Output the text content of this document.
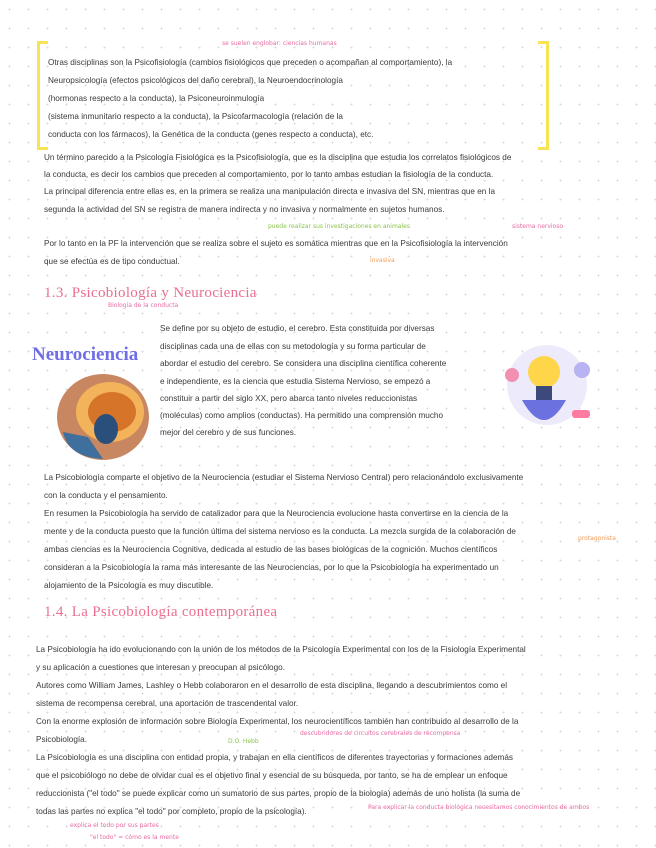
se suelen englobar: ciencias humanas
Otras disciplinas son la Psicofisiología (cambios fisiológicos que preceden o acompañan al comportamiento), la
Neuropsicología (efectos psicológicos del daño cerebral), la Neuroendocrinología
(hormonas respecto a la conducta), la Psiconeuroinmulogía
(sistema inmunitario respecto a la conducta), la Psicofarmacología (relación de la
conducta con los fármacos), la Genética de la conducta (genes respecto a conducta), etc.
Un término parecido a la Psicología Fisiológica es la Psicofisiología, que es la disciplina que estudia los correlatos fisiológicos de
la conducta, es decir los cambios que preceden al comportamiento, por lo tanto ambas estudian la fisiología de la conducta.
La principal diferencia entre ellas es, en la primera se realiza una manipulación directa e invasiva del SN, mientras que en la
segunda la actividad del SN se registra de manera indirecta y no invasiva y normalmente en sujetos humanos.
puede realizar sus investigaciones en animales	sistema nervioso
Por lo tanto en la PF la intervención que se realiza sobre el sujeto es somática mientras que en la Psicofisiología la intervención
que se efectúa es de tipo conductual.	invasiva
1.3. Psicobiología y Neurociencia
Biología de la conducta
Neurociencia
Se define por su objeto de estudio, el cerebro. Esta constituida por diversas
disciplinas cada una de ellas con su metodología y su forma particular de
abordar el estudio del cerebro. Se considera una disciplina científica coherente
e independiente, es la ciencia que estudia Sistema Nervioso, se empezó a
constituir a partir del siglo XX, pero abarca tanto niveles reduccionistas
(moléculas) como amplios (conductas). Ha permitido una comprensión mucho
mejor del cerebro y de sus funciones.
La Psicobiología comparte el objetivo de la Neurociencia (estudiar el Sistema Nervioso Central) pero relacionándolo exclusivamente
con la conducta y el pensamiento.
En resumen la Psicobiología ha servido de catalizador para que la Neurociencia evolucione hasta convertirse en la ciencia de la
mente y de la conducta puesto que la función última del sistema nervioso es la conducta. La mezcla surgida de la colaboración de
protagonista
ambas ciencias es la Neurociencia Cognitiva, dedicada al estudio de las bases biológicas de la cognición. Muchos científicos
consideran a la Psicobiología la rama más interesante de las Neurociencias, por lo que la Psicobiología ha experimentado un
alojamiento de la Psicología es muy discutible.
1.4. La Psicobiología contemporánea
La Psicobiología ha ido evolucionando con la unión de los métodos de la Psicología Experimental con los de la Fisiología Experimental
y su aplicación a cuestiones que interesan y preocupan al psicólogo.
Autores como William James, Lashley o Hebb colaboraron en el desarrollo de esta disciplina, llegando a descubrimientos como el
sistema de recompensa cerebral, una aportación de trascendental valor.
Con la enorme explosión de información sobre Biología Experimental, los neurocientíficos también han contribuido al desarrollo de la
Psicobiología.	D.O. Hebb
descubridores de circuitos cerebrales de recompensa
La Psicobiología es una disciplina con entidad propia, y trabajan en ella científicos de diferentes trayectorias y formaciones además
que el psicobiólogo no debe de olvidar cual es el objetivo final y esencial de su búsqueda, por tanto, se ha de emplear un enfoque
reduccionista ("el todo" se puede explicar como un sumatorio de sus partes, propio de la biología) además de uno holista (la suma de
todas las partes no explica "el todo" por completo, propio de la psicología).
explica el todo por sus partes
Para explicar la conducta biológica necesitamos conocimientos de ambos
"el todo" = cómo es la mente
